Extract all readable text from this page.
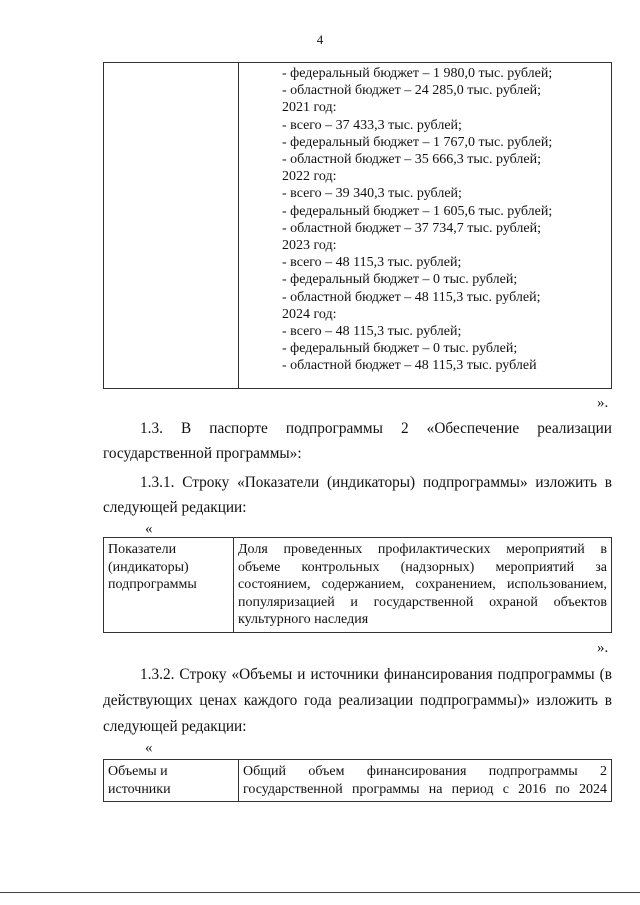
4

- федеральный бюджет – 1 980,0 тыс. рублей;
- областной бюджет – 24 285,0 тыс. рублей;
2021 год:
- всего – 37 433,3 тыс. рублей;
- федеральный бюджет – 1 767,0 тыс. рублей;
- областной бюджет – 35 666,3 тыс. рублей;
2022 год:
- всего – 39 340,3 тыс. рублей;
- федеральный бюджет – 1 605,6 тыс. рублей;
- областной бюджет – 37 734,7 тыс. рублей;
2023 год:
- всего – 48 115,3 тыс. рублей;
- федеральный бюджет – 0 тыс. рублей;
- областной бюджет – 48 115,3 тыс. рублей;
2024 год:
- всего – 48 115,3 тыс. рублей;
- федеральный бюджет – 0 тыс. рублей;
- областной бюджет – 48 115,3 тыс. рублей
».
1.3. В паспорте подпрограммы 2 «Обеспечение реализации
государственной программы»:
1.3.1. Строку «Показатели (индикаторы) подпрограммы» изложить в
следующей редакции:
«
Показатели
(индикаторы)
подпрограммы

Доля проведенных профилактических мероприятий в
объеме контрольных (надзорных) мероприятий за
состоянием, содержанием, сохранением, использованием,
популяризацией и государственной охраной объектов
культурного наследия
».
1.3.2. Строку «Объемы и источники финансирования подпрограммы (в
действующих ценах каждого года реализации подпрограммы)» изложить в
следующей редакции:
«
Объемы и
источники

Общий объем финансирования подпрограммы 2
государственной программы на период с 2016 по 2024
